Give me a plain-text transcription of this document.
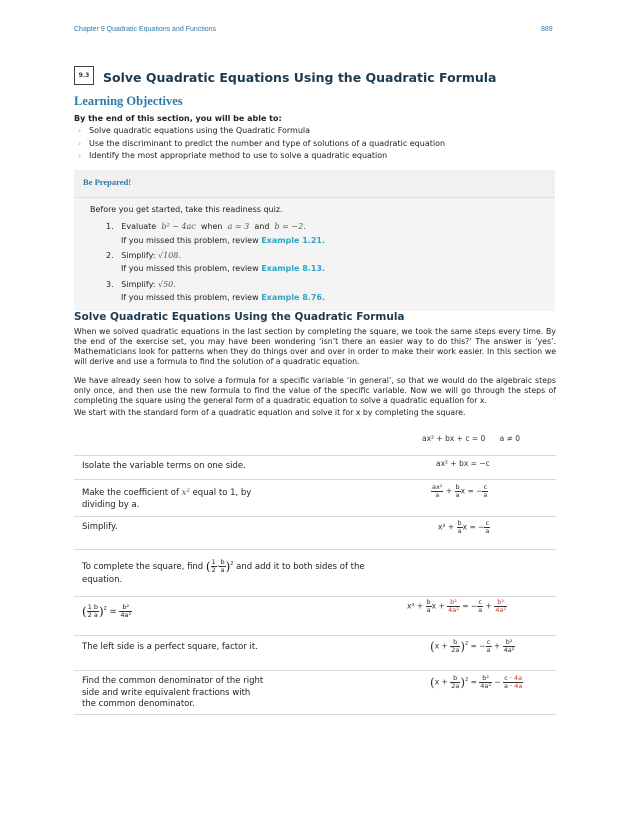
Chapter 9 Quadratic Equations and Functions	889
9.3	Solve Quadratic Equations Using the Quadratic Formula
Learning Objectives
By the end of this section, you will be able to:
› Solve quadratic equations using the Quadratic Formula
› Use the discriminant to predict the number and type of solutions of a quadratic equation
› Identify the most appropriate method to use to solve a quadratic equation
Be Prepared!
Before you get started, take this readiness quiz.
1. Evaluate b² − 4ac when a = 3 and b = −2.
If you missed this problem, review Example 1.21.
2. Simplify: √108.
If you missed this problem, review Example 8.13.
3. Simplify: √50.
If you missed this problem, review Example 8.76.
Solve Quadratic Equations Using the Quadratic Formula
When we solved quadratic equations in the last section by completing the square, we took the same steps every time. By the end of the exercise set, you may have been wondering ‘isn’t there an easier way to do this?’ The answer is ‘yes’. Mathematicians look for patterns when they do things over and over in order to make their work easier. In this section we will derive and use a formula to find the solution of a quadratic equation.
We have already seen how to solve a formula for a specific variable ‘in general’, so that we would do the algebraic steps only once, and then use the new formula to find the value of the specific variable. Now we will go through the steps of completing the square using the general form of a quadratic equation to solve a quadratic equation for x.
We start with the standard form of a quadratic equation and solve it for x by completing the square.
ax² + bx + c = 0 a ≠ 0
Isolate the variable terms on one side.	ax² + bx = −c
Make the coefficient of x² equal to 1, by
dividing by a.
$\frac{\text{ax²}}{a} + \frac{b}{a}$ x = − $\frac{c}{a}$
Simplify.	$x^2 + \frac{b}{a}$ x = − $\frac{c}{a}$
To complete the square, find ( $\frac{1}{2} \cdot \frac{b}{a} )^2$ and add it to both sides of the
equation.
( $\frac{1}{2} \frac{b}{a} )^2 = \frac{\text{b²}}{\text{4a²}}$	$x^2 + \frac{b}{a}$ $x + \frac{\text{b²}}{\text{4a²}}$ = − $\frac{c}{a} + \frac{\text{b²}}{\text{4a²}}$
The left side is a perfect square, factor it.	$(x + \frac{b}{2a} )^2$ = − $\frac{c}{a} + \frac{\text{b²}}{\text{4a²}}$
Find the common denominator of the right
side and write equivalent fractions with
the common denominator.
$(x + \frac{b}{2a} )^2 = \frac{\text{b²}}{\text{4a²}} - \frac{c \cdot 4a}{a \cdot 4a}$
